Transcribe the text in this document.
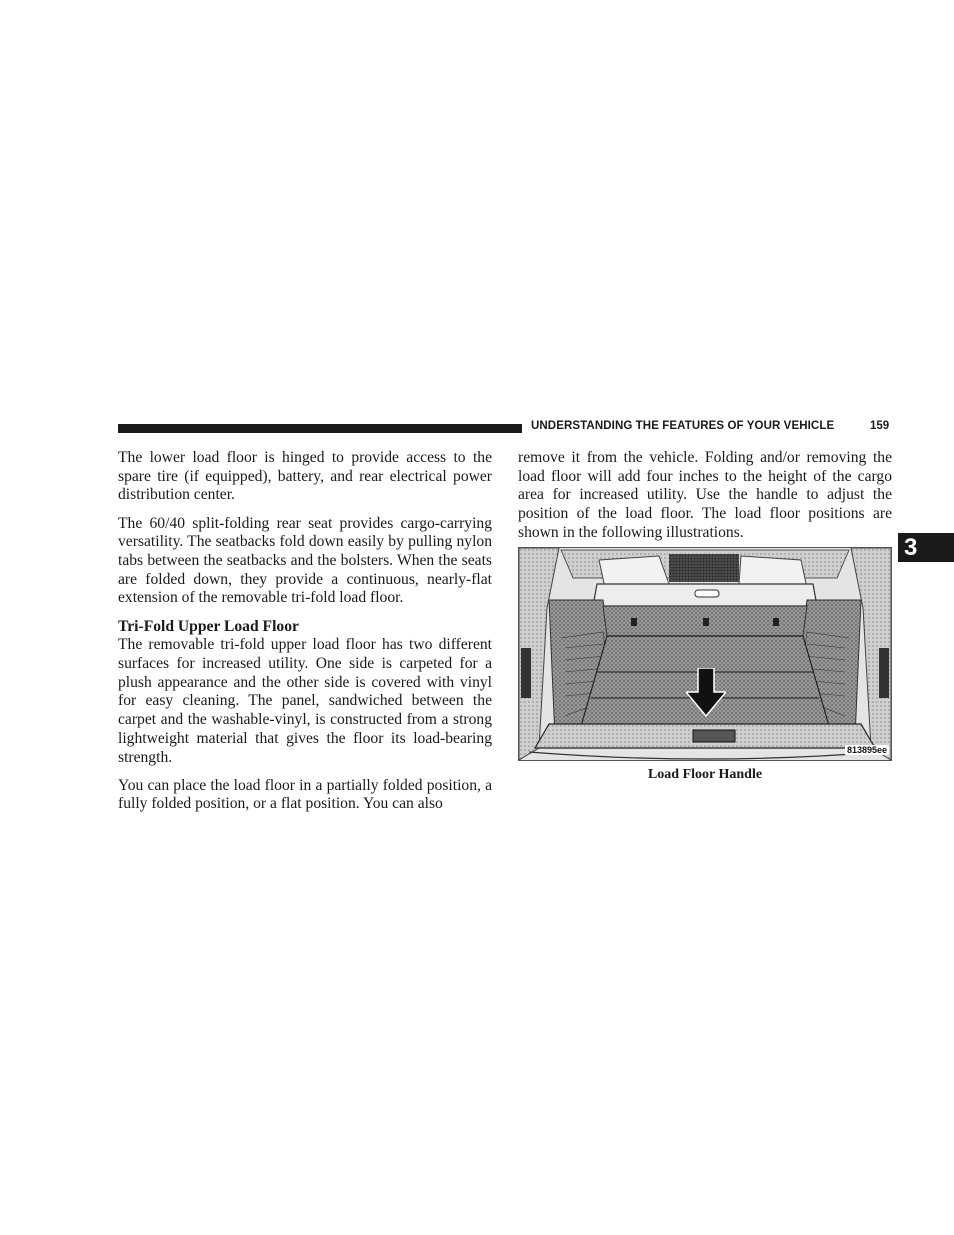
UNDERSTANDING THE FEATURES OF YOUR VEHICLE	159
3

The lower load floor is hinged to provide access to the spare tire (if equipped), battery, and rear electrical power distribution center.

The 60/40 split-folding rear seat provides cargo-carrying versatility. The seatbacks fold down easily by pulling nylon tabs between the seatbacks and the bolsters. When the seats are folded down, they provide a continuous, nearly-flat extension of the removable tri-fold load floor.

Tri-Fold Upper Load Floor

The removable tri-fold upper load floor has two different surfaces for increased utility. One side is carpeted for a plush appearance and the other side is covered with vinyl for easy cleaning. The panel, sandwiched between the carpet and the washable-vinyl, is constructed from a strong lightweight material that gives the floor its load-bearing strength.

You can place the load floor in a partially folded position, a fully folded position, or a flat position. You can also

remove it from the vehicle. Folding and/or removing the load floor will add four inches to the height of the cargo area for increased utility. Use the handle to adjust the position of the load floor. The load floor positions are shown in the following illustrations.

813895ee
Load Floor Handle
